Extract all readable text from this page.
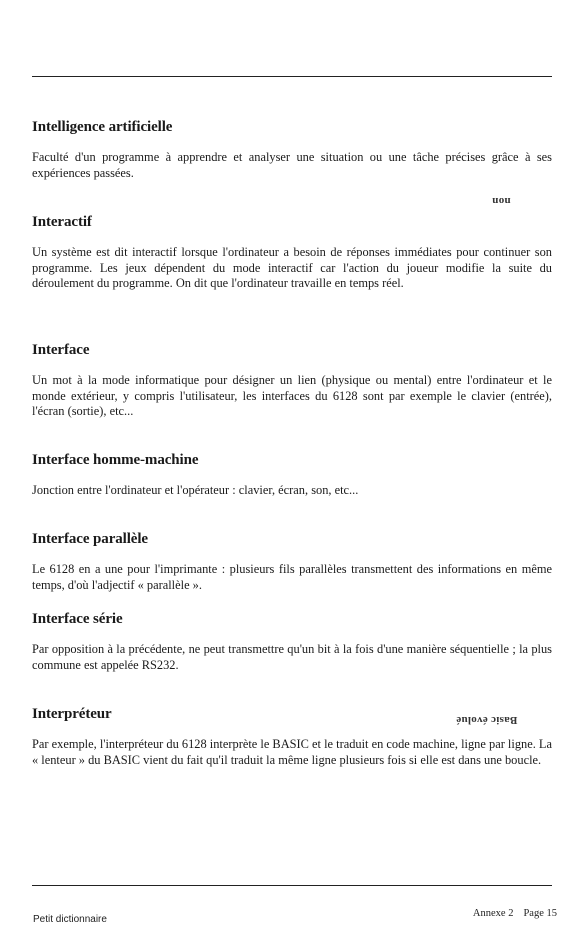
Intelligence artificielle

Faculté d'un programme à apprendre et analyser une situation ou une tâche précises grâce à ses expériences passées.

non

Interactif

Un système est dit interactif lorsque l'ordinateur a besoin de réponses immédiates pour continuer son programme. Les jeux dépendent du mode interactif car l'action du joueur modifie la suite du déroulement du programme. On dit que l'ordinateur travaille en temps réel.

Interface

Un mot à la mode informatique pour désigner un lien (physique ou mental) entre l'ordinateur et le monde extérieur, y compris l'utilisateur, les interfaces du 6128 sont par exemple le clavier (entrée), l'écran (sortie), etc...

Interface homme-machine

Jonction entre l'ordinateur et l'opérateur : clavier, écran, son, etc...

Interface parallèle

Le 6128 en a une pour l'imprimante : plusieurs fils parallèles transmettent des informations en même temps, d'où l'adjectif « parallèle ».

Interface série

Par opposition à la précédente, ne peut transmettre qu'un bit à la fois d'une manière séquentielle ; la plus commune est appelée RS232.

Basic évolué

Interpréteur

Par exemple, l'interpréteur du 6128 interprète le BASIC et le traduit en code machine, ligne par ligne. La « lenteur » du BASIC vient du fait qu'il traduit la même ligne plusieurs fois si elle est dans une boucle.

Petit dictionnaire
Annexe 2 Page 15
